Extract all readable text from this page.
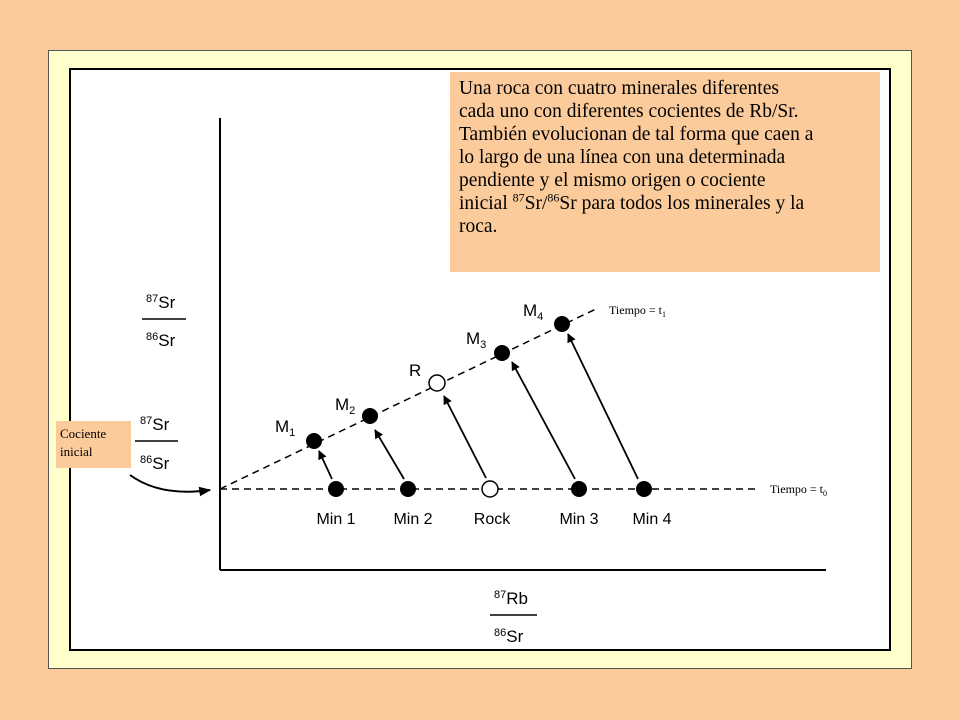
$^{87}$Sr
$^{86}$Sr
$^{87}$Sr
$^{86}$Sr
$^{87}$Rb
$^{86}$Sr
Tiempo = $t_1$
Tiempo = $t_0$
Min 1 Min 2	Rock	Min 3 Min 4
$M_1$
$M_2$
R
$M_3$
$M_4$
Una roca con cuatro minerales diferentes
cada uno con diferentes cocientes de Rb/Sr.
También evolucionan de tal forma que caen a
lo largo de una línea con una determinada
pendiente y el mismo origen o cociente
inicial $^{87}$Sr/$^{86}$Sr para todos los minerales y la
roca.
Cociente
inicial
